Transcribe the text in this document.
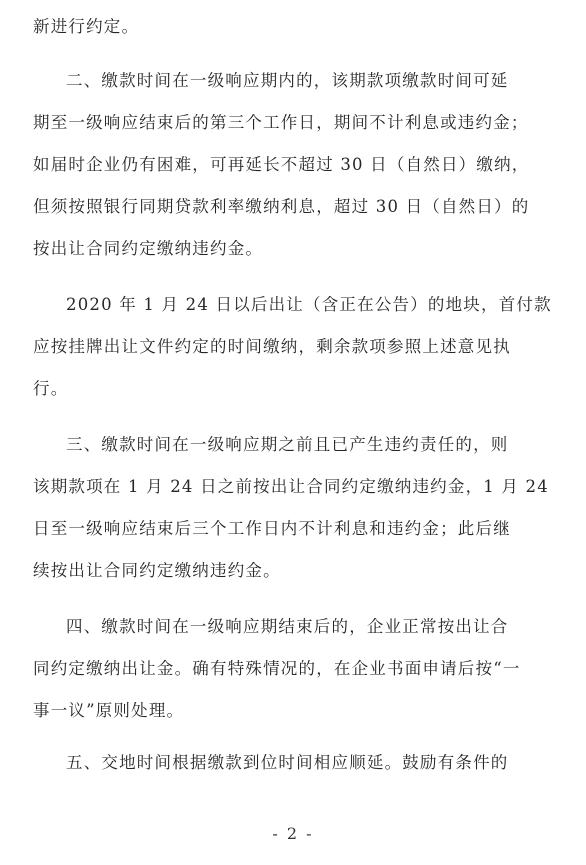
新进行约定。
二、缴款时间在一级响应期内的，该期款项缴款时间可延
期至一级响应结束后的第三个工作日，期间不计利息或违约金；
如届时企业仍有困难，可再延长不超过 30 日（自然日）缴纳，
但须按照银行同期贷款利率缴纳利息，超过 30 日（自然日）的
按出让合同约定缴纳违约金。
2020 年 1 月 24 日以后出让（含正在公告）的地块，首付款
应按挂牌出让文件约定的时间缴纳，剩余款项参照上述意见执
行。
三、缴款时间在一级响应期之前且已产生违约责任的，则
该期款项在 1 月 24 日之前按出让合同约定缴纳违约金，1 月 24
日至一级响应结束后三个工作日内不计利息和违约金；此后继
续按出让合同约定缴纳违约金。
四、缴款时间在一级响应期结束后的，企业正常按出让合
同约定缴纳出让金。确有特殊情况的，在企业书面申请后按“一
事一议”原则处理。
五、交地时间根据缴款到位时间相应顺延。鼓励有条件的
- 2 -
